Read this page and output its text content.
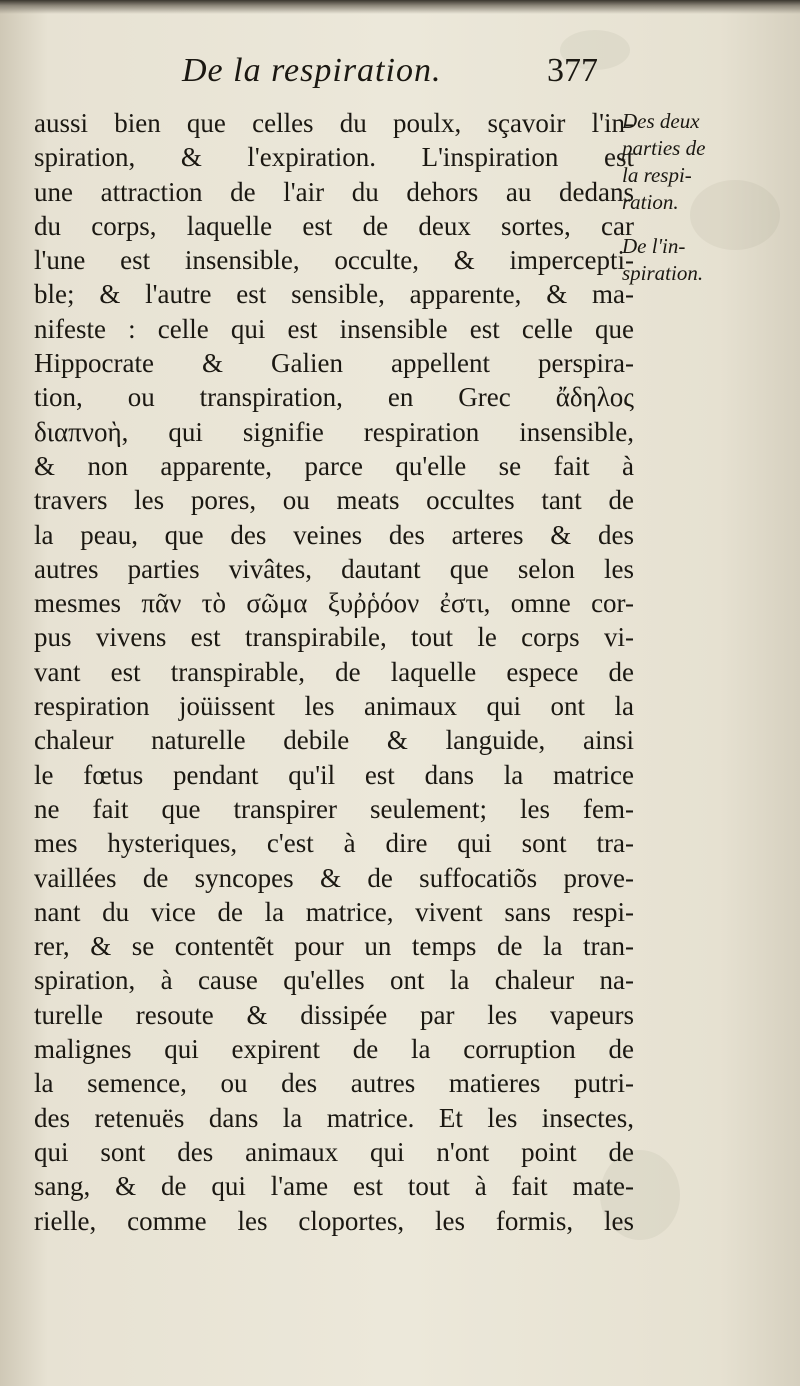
De la respiration.	377
aussi bien que celles du poulx, sçavoir l'in-
spiration, & l'expiration. L'inspiration est
une attraction de l'air du dehors au dedans
du corps, laquelle est de deux sortes, car
l'une est insensible, occulte, & impercepti-
ble; & l'autre est sensible, apparente, & ma-
nifeste : celle qui est insensible est celle que
Hippocrate & Galien appellent perspira-
tion, ou transpiration, en Grec ἄδηλος
διαπνοὴ, qui signifie respiration insensible,
& non apparente, parce qu'elle se fait à
travers les pores, ou meats occultes tant de
la peau, que des veines des arteres & des
autres parties vivâtes, dautant que selon les
mesmes πᾶν τὸ σῶμα ξυῤῥόον ἐστι, omne cor-
pus vivens est transpirabile, tout le corps vi-
vant est transpirable, de laquelle espece de
respiration joüissent les animaux qui ont la
chaleur naturelle debile & languide, ainsi
le fœtus pendant qu'il est dans la matrice
ne fait que transpirer seulement; les fem-
mes hysteriques, c'est à dire qui sont tra-
vaillées de syncopes & de suffocatiõs prove-
nant du vice de la matrice, vivent sans respi-
rer, & se contentẽt pour un temps de la tran-
spiration, à cause qu'elles ont la chaleur na-
turelle resoute & dissipée par les vapeurs
malignes qui expirent de la corruption de
la semence, ou des autres matieres putri-
des retenuës dans la matrice. Et les insectes,
qui sont des animaux qui n'ont point de
sang, & de qui l'ame est tout à fait mate-
rielle, comme les cloportes, les formis, les
Des deux
parties de
la respi-
ration.
De l'in-
spiration.
